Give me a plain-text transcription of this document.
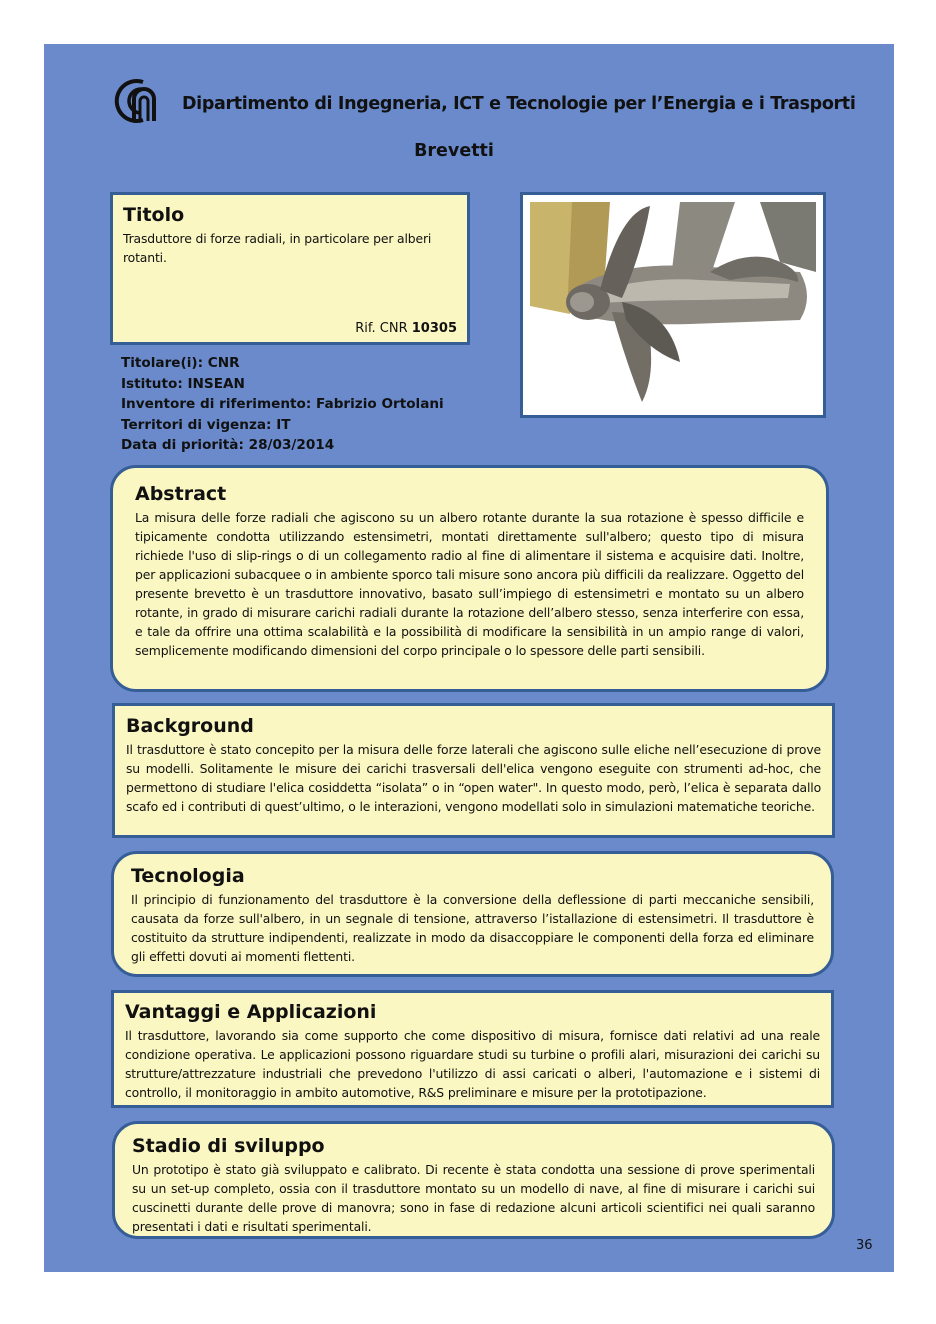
Dipartimento di Ingegneria, ICT e Tecnologie per l’Energia e i Trasporti
Brevetti
Titolo

Trasduttore di forze radiali, in particolare per alberi rotanti.

Rif. CNR 10305
Titolare(i): CNR
Istituto: INSEAN
Inventore di riferimento: Fabrizio Ortolani
Territori di vigenza: IT
Data di priorità: 28/03/2014
Abstract

La misura delle forze radiali che agiscono su un albero rotante durante la sua rotazione è spesso difficile e tipicamente condotta utilizzando estensimetri, montati direttamente sull'albero; questo tipo di misura richiede l'uso di slip-rings o di un collegamento radio al fine di alimentare il sistema e acquisire dati. Inoltre, per applicazioni subacquee o in ambiente sporco tali misure sono ancora più difficili da realizzare. Oggetto del presente brevetto è un trasduttore innovativo, basato sull’impiego di estensimetri e montato su un albero rotante, in grado di misurare carichi radiali durante la rotazione dell’albero stesso, senza interferire con essa, e tale da offrire una ottima scalabilità e la possibilità di modificare la sensibilità in un ampio range di valori, semplicemente modificando dimensioni del corpo principale o lo spessore delle parti sensibili.

Background

Il trasduttore è stato concepito per la misura delle forze laterali che agiscono sulle eliche nell’esecuzione di prove su modelli. Solitamente le misure dei carichi trasversali dell'elica vengono eseguite con strumenti ad-hoc, che permettono di studiare l'elica cosiddetta “isolata” o in “open water". In questo modo, però, l’elica è separata dallo scafo ed i contributi di quest’ultimo, o le interazioni, vengono modellati solo in simulazioni matematiche teoriche.

Tecnologia

Il principio di funzionamento del trasduttore è la conversione della deflessione di parti meccaniche sensibili, causata da forze sull'albero, in un segnale di tensione, attraverso l’istallazione di estensimetri. Il trasduttore è costituito da strutture indipendenti, realizzate in modo da disaccoppiare le componenti della forza ed eliminare gli effetti dovuti ai momenti flettenti.

Vantaggi e Applicazioni

Il trasduttore, lavorando sia come supporto che come dispositivo di misura, fornisce dati relativi ad una reale condizione operativa. Le applicazioni possono riguardare studi su turbine o profili alari, misurazioni dei carichi su strutture/attrezzature industriali che prevedono l'utilizzo di assi caricati o alberi, l'automazione e i sistemi di controllo, il monitoraggio in ambito automotive, R&S preliminare e misure per la prototipazione.

Stadio di sviluppo

Un prototipo è stato già sviluppato e calibrato. Di recente è stata condotta una sessione di prove sperimentali su un set-up completo, ossia con il trasduttore montato su un modello di nave, al fine di misurare i carichi sui cuscinetti durante delle prove di manovra; sono in fase di redazione alcuni articoli scientifici nei quali saranno presentati i dati e risultati sperimentali.

36
